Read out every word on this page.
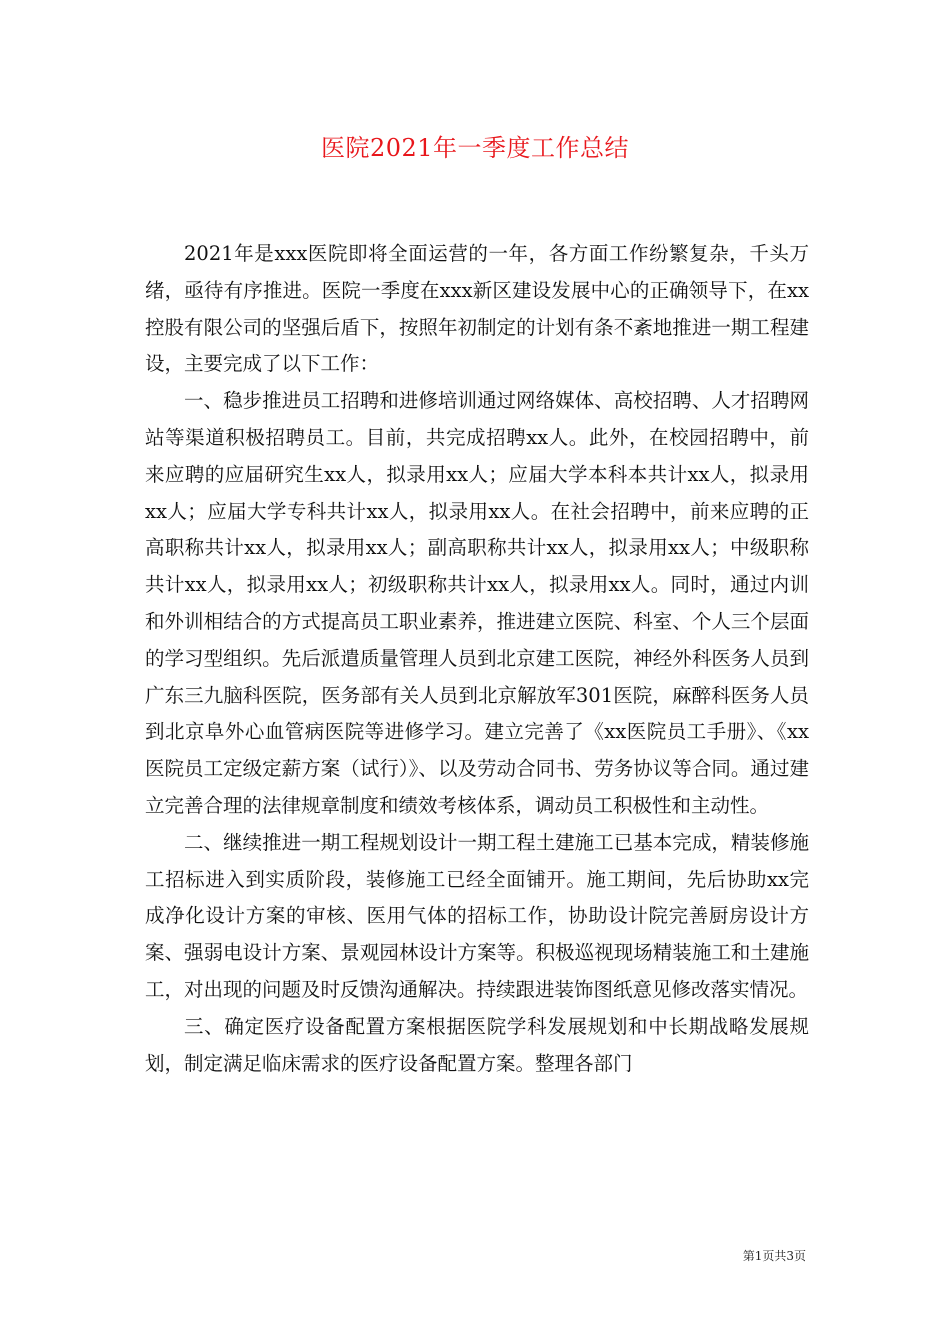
医院2021年一季度工作总结

2021年是xxx医院即将全面运营的一年，各方面工作纷繁复杂，千头万绪，亟待有序推进。医院一季度在xxx新区建设发展中心的正确领导下，在xx控股有限公司的坚强后盾下，按照年初制定的计划有条不紊地推进一期工程建设，主要完成了以下工作：

一、稳步推进员工招聘和进修培训通过网络媒体、高校招聘、人才招聘网站等渠道积极招聘员工。目前，共完成招聘xx人。此外，在校园招聘中，前来应聘的应届研究生xx人，拟录用xx人；应届大学本科本共计xx人，拟录用xx人；应届大学专科共计xx人，拟录用xx人。在社会招聘中，前来应聘的正高职称共计xx人，拟录用xx人；副高职称共计xx人，拟录用xx人；中级职称共计xx人，拟录用xx人；初级职称共计xx人，拟录用xx人。同时，通过内训和外训相结合的方式提高员工职业素养，推进建立医院、科室、个人三个层面的学习型组织。先后派遣质量管理人员到北京建工医院，神经外科医务人员到广东三九脑科医院，医务部有关人员到北京解放军301医院，麻醉科医务人员到北京阜外心血管病医院等进修学习。建立完善了《xx医院员工手册》、《xx医院员工定级定薪方案（试行）》、以及劳动合同书、劳务协议等合同。通过建立完善合理的法律规章制度和绩效考核体系，调动员工积极性和主动性。

二、继续推进一期工程规划设计一期工程土建施工已基本完成，精装修施工招标进入到实质阶段，装修施工已经全面铺开。施工期间，先后协助xx完成净化设计方案的审核、医用气体的招标工作，协助设计院完善厨房设计方案、强弱电设计方案、景观园林设计方案等。积极巡视现场精装施工和土建施工，对出现的问题及时反馈沟通解决。持续跟进装饰图纸意见修改落实情况。

三、确定医疗设备配置方案根据医院学科发展规划和中长期战略发展规划，制定满足临床需求的医疗设备配置方案。整理各部门

第1页共3页
